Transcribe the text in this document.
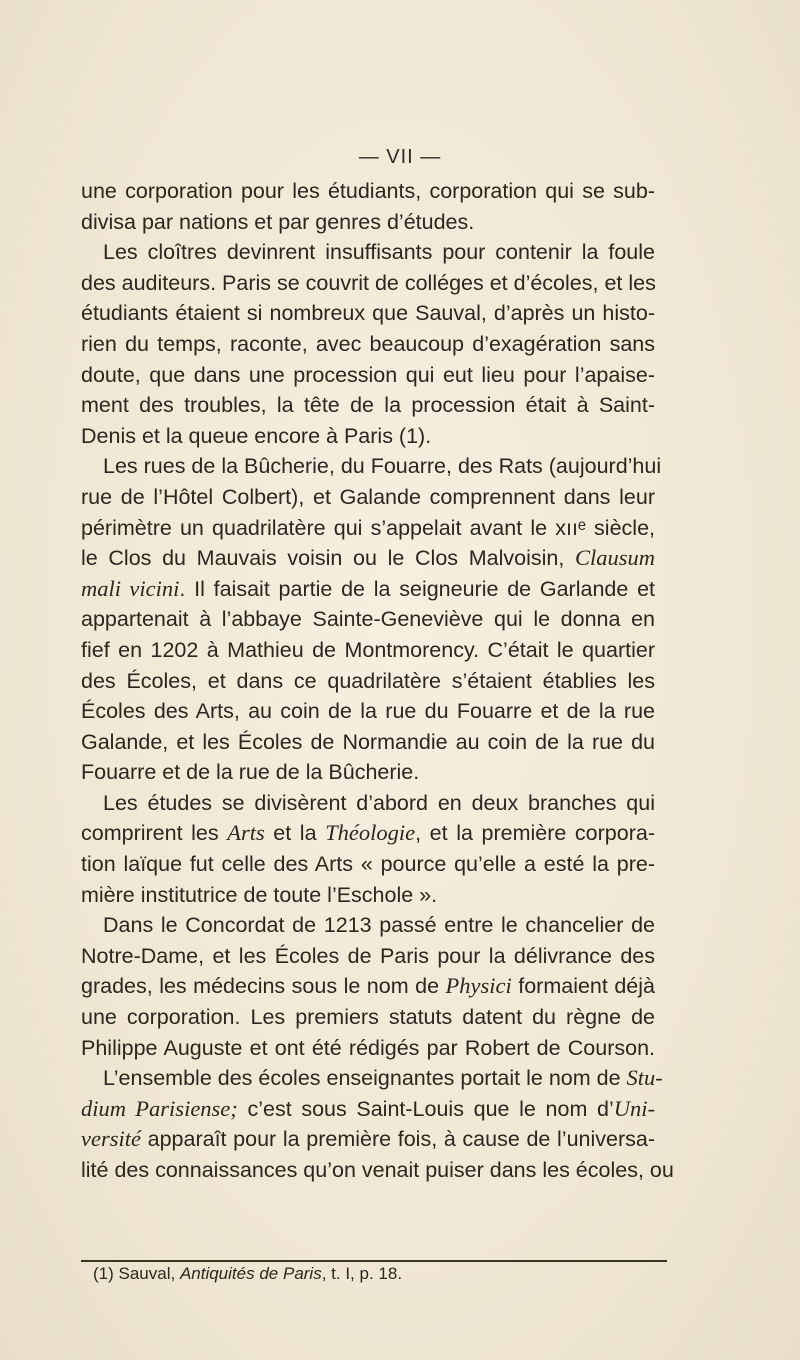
— VII —
une corporation pour les étudiants, corporation qui se sub-
divisa par nations et par genres d’études.
Les cloîtres devinrent insuffisants pour contenir la foule
des auditeurs. Paris se couvrit de colléges et d’écoles, et les
étudiants étaient si nombreux que Sauval, d’après un histo-
rien du temps, raconte, avec beaucoup d’exagération sans
doute, que dans une procession qui eut lieu pour l’apaise-
ment des troubles, la tête de la procession était à Saint-
Denis et la queue encore à Paris (1).
Les rues de la Bûcherie, du Fouarre, des Rats (aujourd’hui
rue de l’Hôtel Colbert), et Galande comprennent dans leur
périmètre un quadrilatère qui s’appelait avant le xııᵉ siècle,
le Clos du Mauvais voisin ou le Clos Malvoisin, Clausum
mali vicini. Il faisait partie de la seigneurie de Garlande et
appartenait à l’abbaye Sainte-Geneviève qui le donna en
fief en 1202 à Mathieu de Montmorency. C’était le quartier
des Écoles, et dans ce quadrilatère s’étaient établies les
Écoles des Arts, au coin de la rue du Fouarre et de la rue
Galande, et les Écoles de Normandie au coin de la rue du
Fouarre et de la rue de la Bûcherie.
Les études se divisèrent d’abord en deux branches qui
comprirent les Arts et la Théologie, et la première corpora-
tion laïque fut celle des Arts « pource qu’elle a esté la pre-
mière institutrice de toute l’Eschole ».
Dans le Concordat de 1213 passé entre le chancelier de
Notre-Dame, et les Écoles de Paris pour la délivrance des
grades, les médecins sous le nom de Physici formaient déjà
une corporation. Les premiers statuts datent du règne de
Philippe Auguste et ont été rédigés par Robert de Courson.
L’ensemble des écoles enseignantes portait le nom de Stu-
dium Parisiense; c’est sous Saint-Louis que le nom d’Uni-
versité apparaît pour la première fois, à cause de l’universa-
lité des connaissances qu’on venait puiser dans les écoles, ou
(1) Sauval, Antiquités de Paris, t. I, p. 18.
